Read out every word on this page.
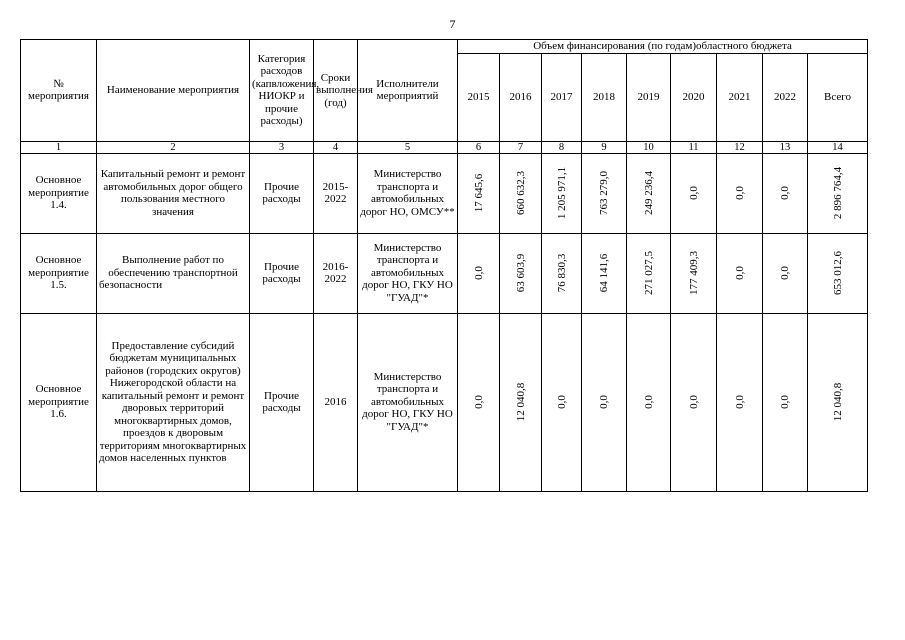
7
№ мероприятия	Наименование мероприятия	Категория расходов (капвложения, НИОКР и прочие расходы)	Сроки выполнения (год)	Исполнители мероприятий	Объем финансирования (по годам)областного бюджета								
					2015	2016	2017	2018	2019	2020	2021	2022	Всего
1	2	3	4	5	6	7	8	9	10	11	12	13	14
Основное мероприятие 1.4.	Капитальный ремонт и ремонт автомобильных дорог общего пользования местного значения	Прочие расходы	2015-2022	Министерство транспорта и автомобильных дорог НО, ОМСУ**	17 645,6	660 632,3	1 205 971,1	763 279,0	249 236,4	0,0	0,0	0,0	2 896 764,4

Основное мероприятие 1.5.	Выполнение работ по обеспечению транспортной безопасности	Прочие расходы	2016-2022	Министерство транспорта и автомобильных дорог НО, ГКУ НО "ГУАД"*	0,0	63 603,9	76 830,3	64 141,6	271 027,5	177 409,3	0,0	0,0	653 012,6

Основное мероприятие 1.6.	Предоставление субсидий бюджетам муниципальных районов (городских округов) Нижегородской области на капитальный ремонт и ремонт дворовых территорий многоквартирных домов, проездов к дворовым территориям многоквартирных домов населенных пунктов	Прочие расходы	2016	Министерство транспорта и автомобильных дорог НО, ГКУ НО "ГУАД"*	0,0	12 040,8	0,0	0,0	0,0	0,0	0,0	0,0	12 040,8
